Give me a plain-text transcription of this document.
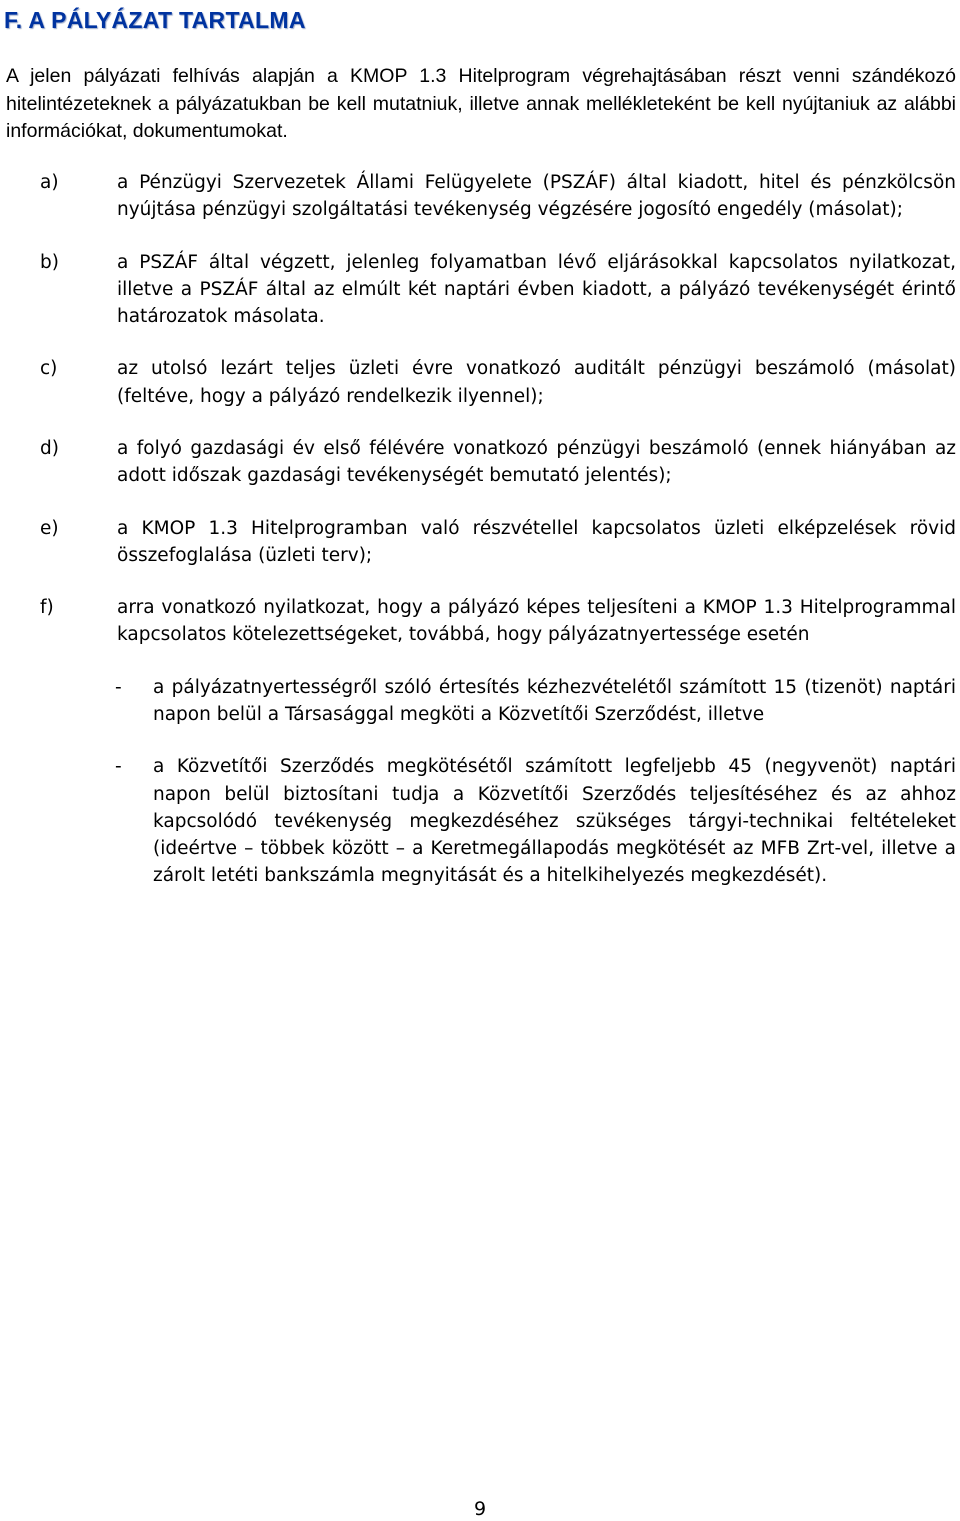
F. A PÁLYÁZAT TARTALMA

A jelen pályázati felhívás alapján a KMOP 1.3 Hitelprogram végrehajtásában részt venni szándékozó hitelintézeteknek a pályázatukban be kell mutatniuk, illetve annak mellékleteként be kell nyújtaniuk az alábbi információkat, dokumentumokat.

a)	a Pénzügyi Szervezetek Állami Felügyelete (PSZÁF) által kiadott, hitel és pénzkölcsön nyújtása pénzügyi szolgáltatási tevékenység végzésére jogosító engedély (másolat);
b)	a PSZÁF által végzett, jelenleg folyamatban lévő eljárásokkal kapcsolatos nyilatkozat, illetve a PSZÁF által az elmúlt két naptári évben kiadott, a pályázó tevékenységét érintő határozatok másolata.
c)	az utolsó lezárt teljes üzleti évre vonatkozó auditált pénzügyi beszámoló (másolat) (feltéve, hogy a pályázó rendelkezik ilyennel);
d)	a folyó gazdasági év első félévére vonatkozó pénzügyi beszámoló (ennek hiányában az adott időszak gazdasági tevékenységét bemutató jelentés);
e)	a KMOP 1.3 Hitelprogramban való részvétellel kapcsolatos üzleti elképzelések rövid összefoglalása (üzleti terv);
f)	arra vonatkozó nyilatkozat, hogy a pályázó képes teljesíteni a KMOP 1.3 Hitelprogrammal kapcsolatos kötelezettségeket, továbbá, hogy pályázatnyertessége esetén
- a pályázatnyertességről szóló értesítés kézhezvételétől számított 15 (tizenöt) naptári napon belül a Társasággal megköti a Közvetítői Szerződést, illetve
- a Közvetítői Szerződés megkötésétől számított legfeljebb 45 (negyvenöt) naptári napon belül biztosítani tudja a Közvetítői Szerződés teljesítéséhez és az ahhoz kapcsolódó tevékenység megkezdéséhez szükséges tárgyi-technikai feltételeket (ideértve – többek között – a Keretmegállapodás megkötését az MFB Zrt-vel, illetve a zárolt letéti bankszámla megnyitását és a hitelkihelyezés megkezdését).
9
